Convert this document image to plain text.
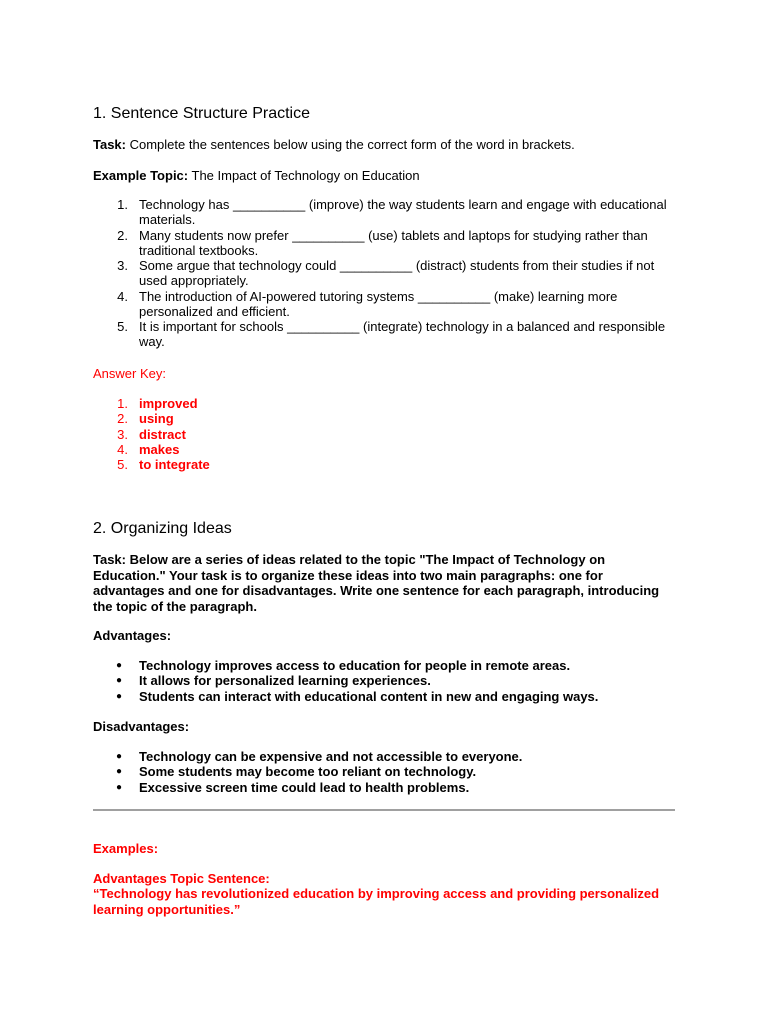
1. Sentence Structure Practice
Task: Complete the sentences below using the correct form of the word in brackets.
Example Topic: The Impact of Technology on Education
1. Technology has __________ (improve) the way students learn and engage with educational materials.
2. Many students now prefer __________ (use) tablets and laptops for studying rather than traditional textbooks.
3. Some argue that technology could __________ (distract) students from their studies if not used appropriately.
4. The introduction of AI-powered tutoring systems __________ (make) learning more personalized and efficient.
5. It is important for schools __________ (integrate) technology in a balanced and responsible way.
Answer Key:
1. improved
2. using
3. distract
4. makes
5. to integrate
2. Organizing Ideas
Task: Below are a series of ideas related to the topic "The Impact of Technology on Education." Your task is to organize these ideas into two main paragraphs: one for advantages and one for disadvantages. Write one sentence for each paragraph, introducing the topic of the paragraph.
Advantages:
● Technology improves access to education for people in remote areas.
● It allows for personalized learning experiences.
● Students can interact with educational content in new and engaging ways.
Disadvantages:
● Technology can be expensive and not accessible to everyone.
● Some students may become too reliant on technology.
● Excessive screen time could lead to health problems.
Examples:
Advantages Topic Sentence:
“Technology has revolutionized education by improving access and providing personalized learning opportunities.”
